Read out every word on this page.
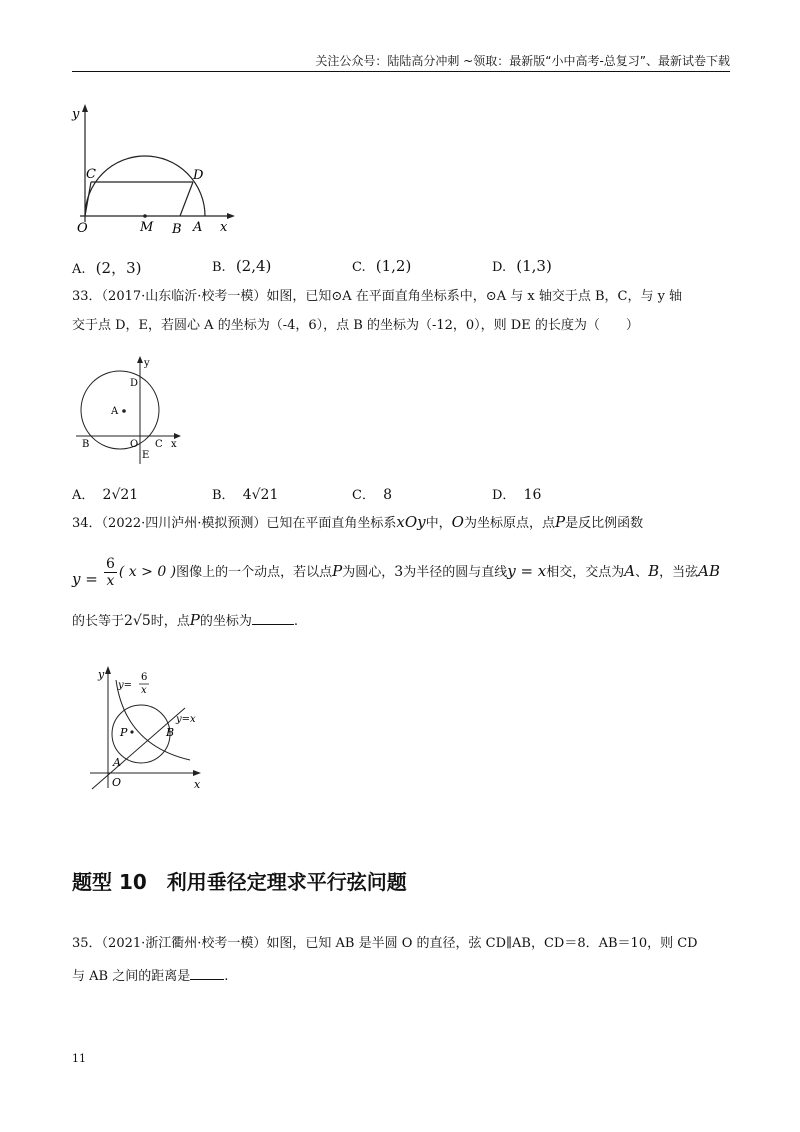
关注公众号：陆陆高分冲刺 ~领取：最新版“小中高考-总复习”、最新试卷下载
y
C	D
O	M B A x
A. (2，3)	B. (2,4)	C. (1,2)	D. (1,3)
33．（2017·山东临沂·校考一模）如图，已知⊙A 在平面直角坐标系中，⊙A 与 x 轴交于点 B，C，与 y 轴
交于点 D，E，若圆心 A 的坐标为（-4，6），点 B 的坐标为（-12，0），则 DE 的长度为（　　）
y
D
A
B	O C x
E
A． 2√21	B． 4√21	C． 8	D． 16
34．（2022·四川泸州·模拟预测）已知在平面直角坐标系xOy中，O为坐标原点，点P是反比例函数
$y = \frac{6}{x}$ ( x > 0 )图像上的一个动点，若以点P为圆心，3为半径的圆与直线y = x相交，交点为A、B，当弦AB
的长等于2√5时，点P的坐标为	.
y
y=
6
x
y=x
P	B
A
O	x
题型 10　利用垂径定理求平行弦问题
35．（2021·浙江衢州·校考一模）如图，已知 AB 是半圆 O 的直径，弦 CD∥AB，CD＝8．AB＝10，则 CD
与 AB 之间的距离是	.
11
